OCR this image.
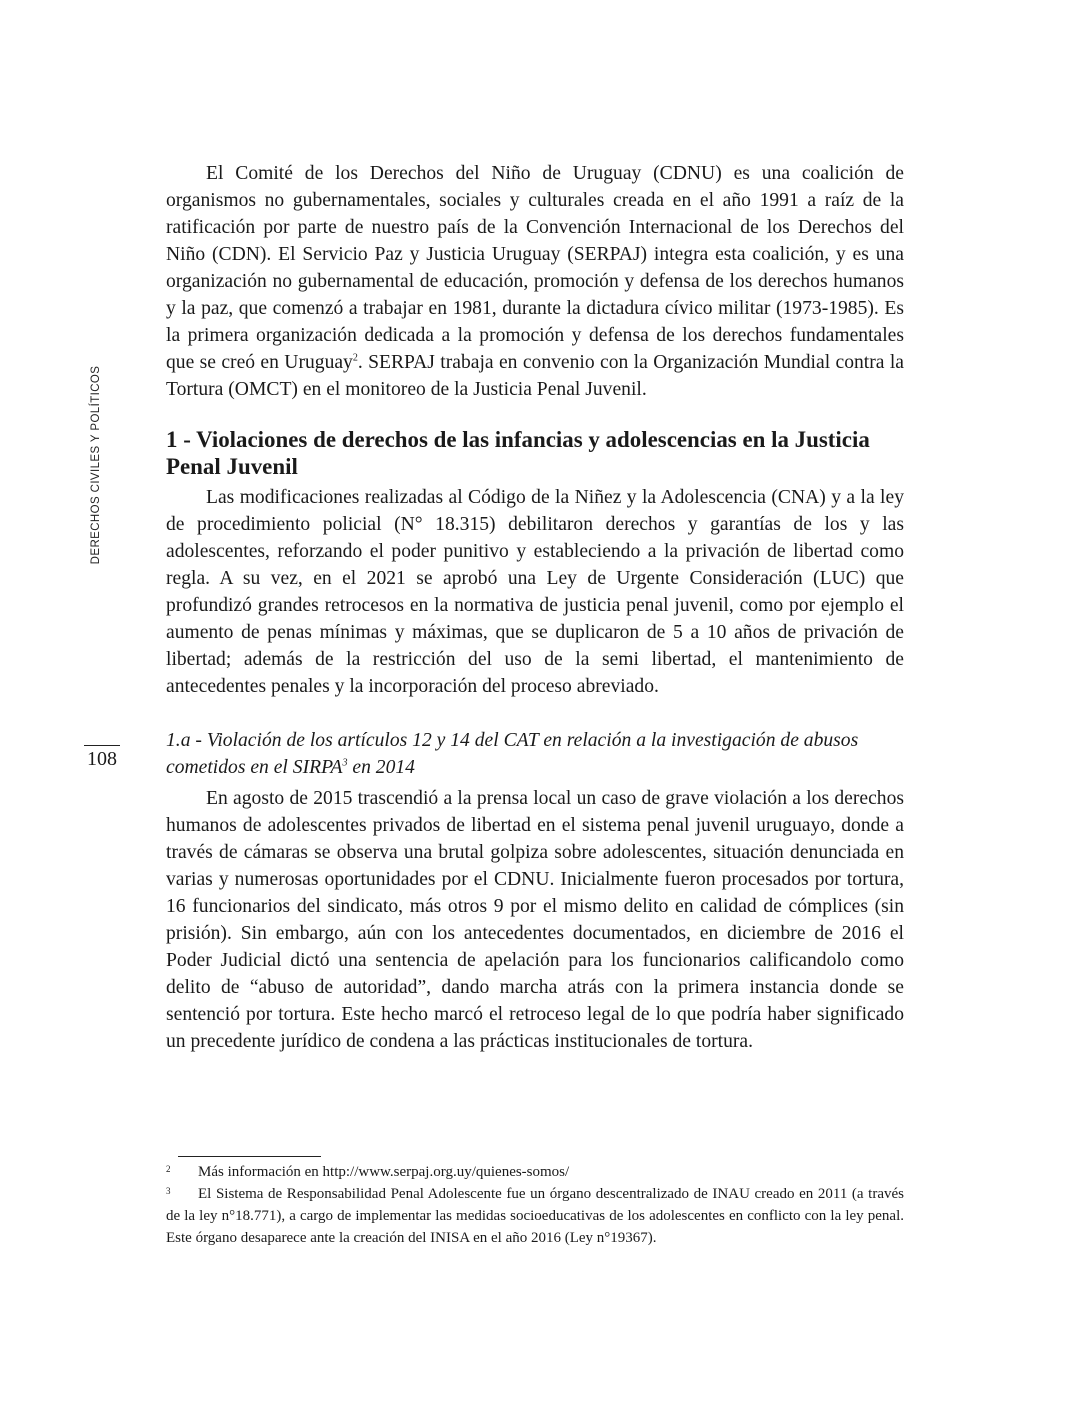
DERECHOS CIVILES Y POLÍTICOS
108

El Comité de los Derechos del Niño de Uruguay (CDNU) es una coalición de organismos no gubernamentales, sociales y culturales creada en el año 1991 a raíz de la ratificación por parte de nuestro país de la Convención Internacional de los Derechos del Niño (CDN). El Servicio Paz y Justicia Uruguay (SERPAJ) integra esta coalición, y es una organización no gubernamental de educación, promoción y defensa de los derechos humanos y la paz, que comenzó a trabajar en 1981, durante la dictadura cívico militar (1973-1985). Es la primera organización dedicada a la promoción y defensa de los derechos fundamentales que se creó en Uruguay$^2$. SERPAJ trabaja en convenio con la Organización Mundial contra la Tortura (OMCT) en el monitoreo de la Justicia Penal Juvenil.

1 - Violaciones de derechos de las infancias y adolescencias en la Justicia Penal Juvenil

Las modificaciones realizadas al Código de la Niñez y la Adolescencia (CNA) y a la ley de procedimiento policial (N° 18.315) debilitaron derechos y garantías de los y las adolescentes, reforzando el poder punitivo y estableciendo a la privación de libertad como regla. A su vez, en el 2021 se aprobó una Ley de Urgente Consideración (LUC) que profundizó grandes retrocesos en la normativa de justicia penal juvenil, como por ejemplo el aumento de penas mínimas y máximas, que se duplicaron de 5 a 10 años de privación de libertad; además de la restricción del uso de la semi libertad, el mantenimiento de antecedentes penales y la incorporación del proceso abreviado.

1.a - Violación de los artículos 12 y 14 del CAT en relación a la investigación de abusos cometidos en el SIRPA$^3$ en 2014

En agosto de 2015 trascendió a la prensa local un caso de grave violación a los derechos humanos de adolescentes privados de libertad en el sistema penal juvenil uruguayo, donde a través de cámaras se observa una brutal golpiza sobre adolescentes, situación denunciada en varias y numerosas oportunidades por el CDNU. Inicialmente fueron procesados por tortura, 16 funcionarios del sindicato, más otros 9 por el mismo delito en calidad de cómplices (sin prisión). Sin embargo, aún con los antecedentes documentados, en diciembre de 2016 el Poder Judicial dictó una sentencia de apelación para los funcionarios calificandolo como delito de “abuso de autoridad”, dando marcha atrás con la primera instancia donde se sentenció por tortura. Este hecho marcó el retroceso legal de lo que podría haber significado un precedente jurídico de condena a las prácticas institucionales de tortura.

2 Más información en http://www.serpaj.org.uy/quienes-somos/
3 El Sistema de Responsabilidad Penal Adolescente fue un órgano descentralizado de INAU creado en 2011 (a través de la ley n°18.771), a cargo de implementar las medidas socioeducativas de los adolescentes en conflicto con la ley penal. Este órgano desaparece ante la creación del INISA en el año 2016 (Ley n°19367).
